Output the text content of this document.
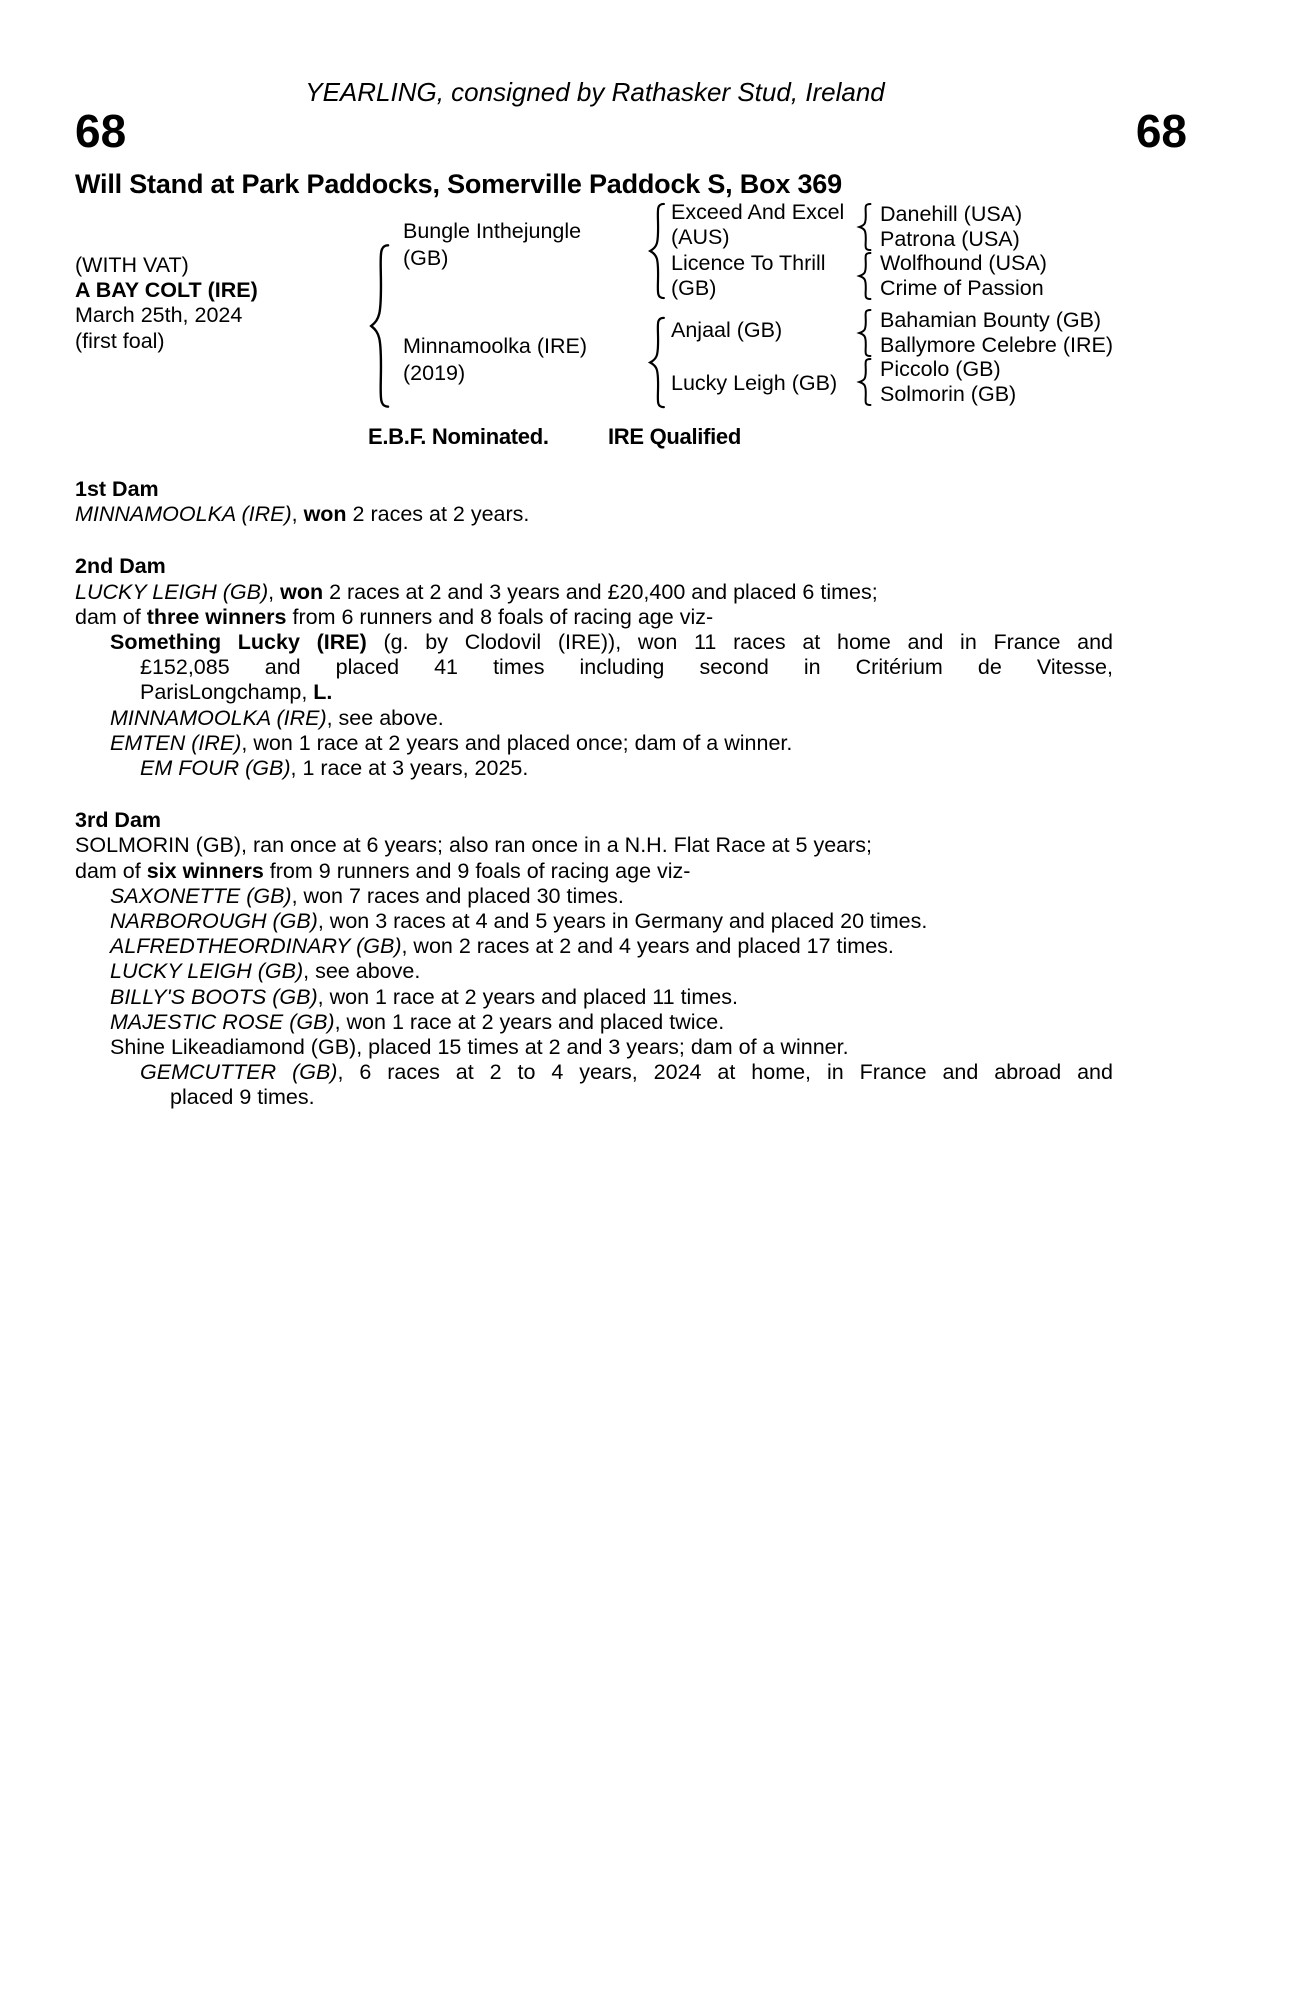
YEARLING, consigned by Rathasker Stud, Ireland
68	68
Will Stand at Park Paddocks, Somerville Paddock S, Box 369
(WITH VAT)
A BAY COLT (IRE)
March 25th, 2024
(first foal)
Bungle Inthejungle
(GB)
Minnamoolka (IRE)
(2019)
Exceed And Excel
(AUS)
Licence To Thrill
(GB)
Anjaal (GB)
Lucky Leigh (GB)
Danehill (USA)
Patrona (USA)
Wolfhound (USA)
Crime of Passion
Bahamian Bounty (GB)
Ballymore Celebre (IRE)
Piccolo (GB)
Solmorin (GB)
E.B.F. Nominated.	IRE Qualified
1st Dam
MINNAMOOLKA (IRE), won 2 races at 2 years.
2nd Dam
LUCKY LEIGH (GB), won 2 races at 2 and 3 years and £20,400 and placed 6 times;
dam of three winners from 6 runners and 8 foals of racing age viz-
Something Lucky (IRE) (g. by Clodovil (IRE)), won 11 races at home and in France and
£152,085 and placed 41 times including second in Critérium de Vitesse,
ParisLongchamp, L.
MINNAMOOLKA (IRE), see above.
EMTEN (IRE), won 1 race at 2 years and placed once; dam of a winner.
EM FOUR (GB), 1 race at 3 years, 2025.
3rd Dam
SOLMORIN (GB), ran once at 6 years; also ran once in a N.H. Flat Race at 5 years;
dam of six winners from 9 runners and 9 foals of racing age viz-
SAXONETTE (GB), won 7 races and placed 30 times.
NARBOROUGH (GB), won 3 races at 4 and 5 years in Germany and placed 20 times.
ALFREDTHEORDINARY (GB), won 2 races at 2 and 4 years and placed 17 times.
LUCKY LEIGH (GB), see above.
BILLY'S BOOTS (GB), won 1 race at 2 years and placed 11 times.
MAJESTIC ROSE (GB), won 1 race at 2 years and placed twice.
Shine Likeadiamond (GB), placed 15 times at 2 and 3 years; dam of a winner.
GEMCUTTER (GB), 6 races at 2 to 4 years, 2024 at home, in France and abroad and
placed 9 times.
